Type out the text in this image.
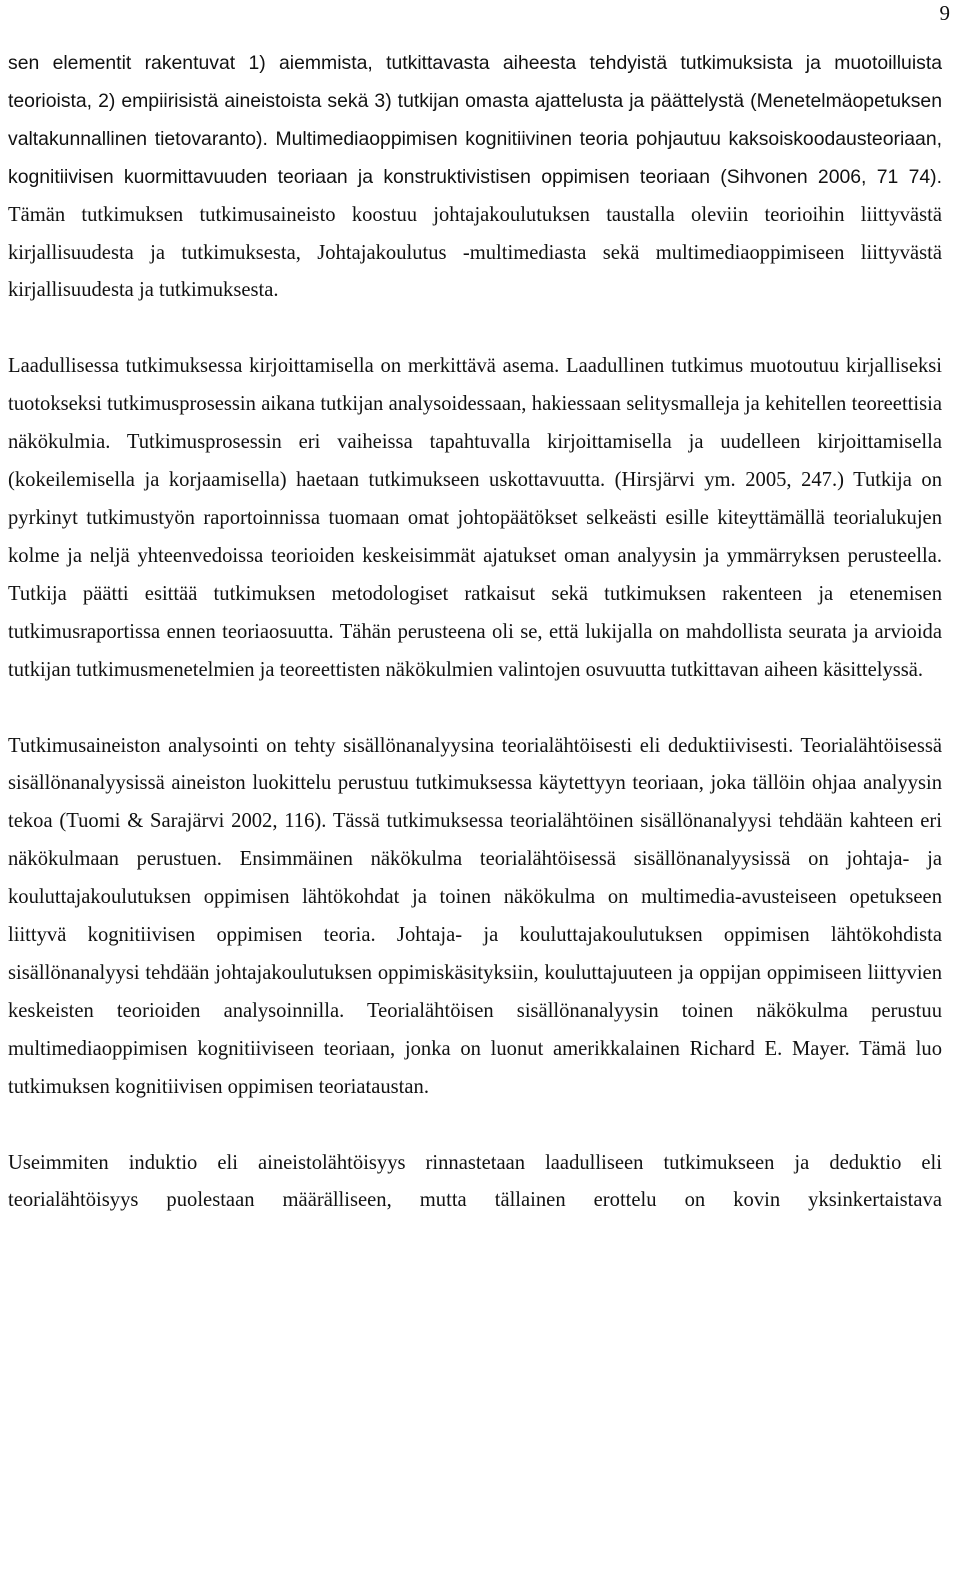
9

sen elementit rakentuvat 1) aiemmista, tutkittavasta aiheesta tehdyistä tutkimuksista ja muotoilluista teorioista, 2) empiirisistä aineistoista sekä 3) tutkijan omasta ajattelusta ja päättelystä (Menetelmäopetuksen valtakunnallinen tietovaranto). Multimediaoppimisen kognitiivinen teoria pohjautuu kaksoiskoodausteoriaan, kognitiivisen kuormittavuuden teoriaan ja konstruktivistisen oppimisen teoriaan (Sihvonen 2006, 71 74). Tämän tutkimuksen tutkimusaineisto koostuu johtajakoulutuksen taustalla oleviin teorioihin liittyvästä kirjallisuudesta ja tutkimuksesta, Johtajakoulutus -multimediasta sekä multimediaoppimiseen liittyvästä kirjallisuudesta ja tutkimuksesta.

Laadullisessa tutkimuksessa kirjoittamisella on merkittävä asema. Laadullinen tutkimus muotoutuu kirjalliseksi tuotokseksi tutkimusprosessin aikana tutkijan analysoidessaan, hakiessaan selitysmalleja ja kehitellen teoreettisia näkökulmia. Tutkimusprosessin eri vaiheissa tapahtuvalla kirjoittamisella ja uudelleen kirjoittamisella (kokeilemisella ja korjaamisella) haetaan tutkimukseen uskottavuutta. (Hirsjärvi ym. 2005, 247.) Tutkija on pyrkinyt tutkimustyön raportoinnissa tuomaan omat johtopäätökset selkeästi esille kiteyttämällä teorialukujen kolme ja neljä yhteenvedoissa teorioiden keskeisimmät ajatukset oman analyysin ja ymmärryksen perusteella. Tutkija päätti esittää tutkimuksen metodologiset ratkaisut sekä tutkimuksen rakenteen ja etenemisen tutkimusraportissa ennen teoriaosuutta. Tähän perusteena oli se, että lukijalla on mahdollista seurata ja arvioida tutkijan tutkimusmenetelmien ja teoreettisten näkökulmien valintojen osuvuutta tutkittavan aiheen käsittelyssä.

Tutkimusaineiston analysointi on tehty sisällönanalyysina teorialähtöisesti eli deduktiivisesti. Teorialähtöisessä sisällönanalyysissä aineiston luokittelu perustuu tutkimuksessa käytettyyn teoriaan, joka tällöin ohjaa analyysin tekoa (Tuomi & Sarajärvi 2002, 116). Tässä tutkimuksessa teorialähtöinen sisällönanalyysi tehdään kahteen eri näkökulmaan perustuen. Ensimmäinen näkökulma teorialähtöisessä sisällönanalyysissä on johtaja- ja kouluttajakoulutuksen oppimisen lähtökohdat ja toinen näkökulma on multimedia-avusteiseen opetukseen liittyvä kognitiivisen oppimisen teoria. Johtaja- ja kouluttajakoulutuksen oppimisen lähtökohdista sisällönanalyysi tehdään johtajakoulutuksen oppimiskäsityksiin, kouluttajuuteen ja oppijan oppimiseen liittyvien keskeisten teorioiden analysoinnilla. Teorialähtöisen sisällönanalyysin toinen näkökulma perustuu multimediaoppimisen kognitiiviseen teoriaan, jonka on luonut amerikkalainen Richard E. Mayer. Tämä luo tutkimuksen kognitiivisen oppimisen teoriataustan.

Useimmiten induktio eli aineistolähtöisyys rinnastetaan laadulliseen tutkimukseen ja deduktio eli teorialähtöisyys puolestaan määrälliseen, mutta tällainen erottelu on kovin yksinkertaistava
